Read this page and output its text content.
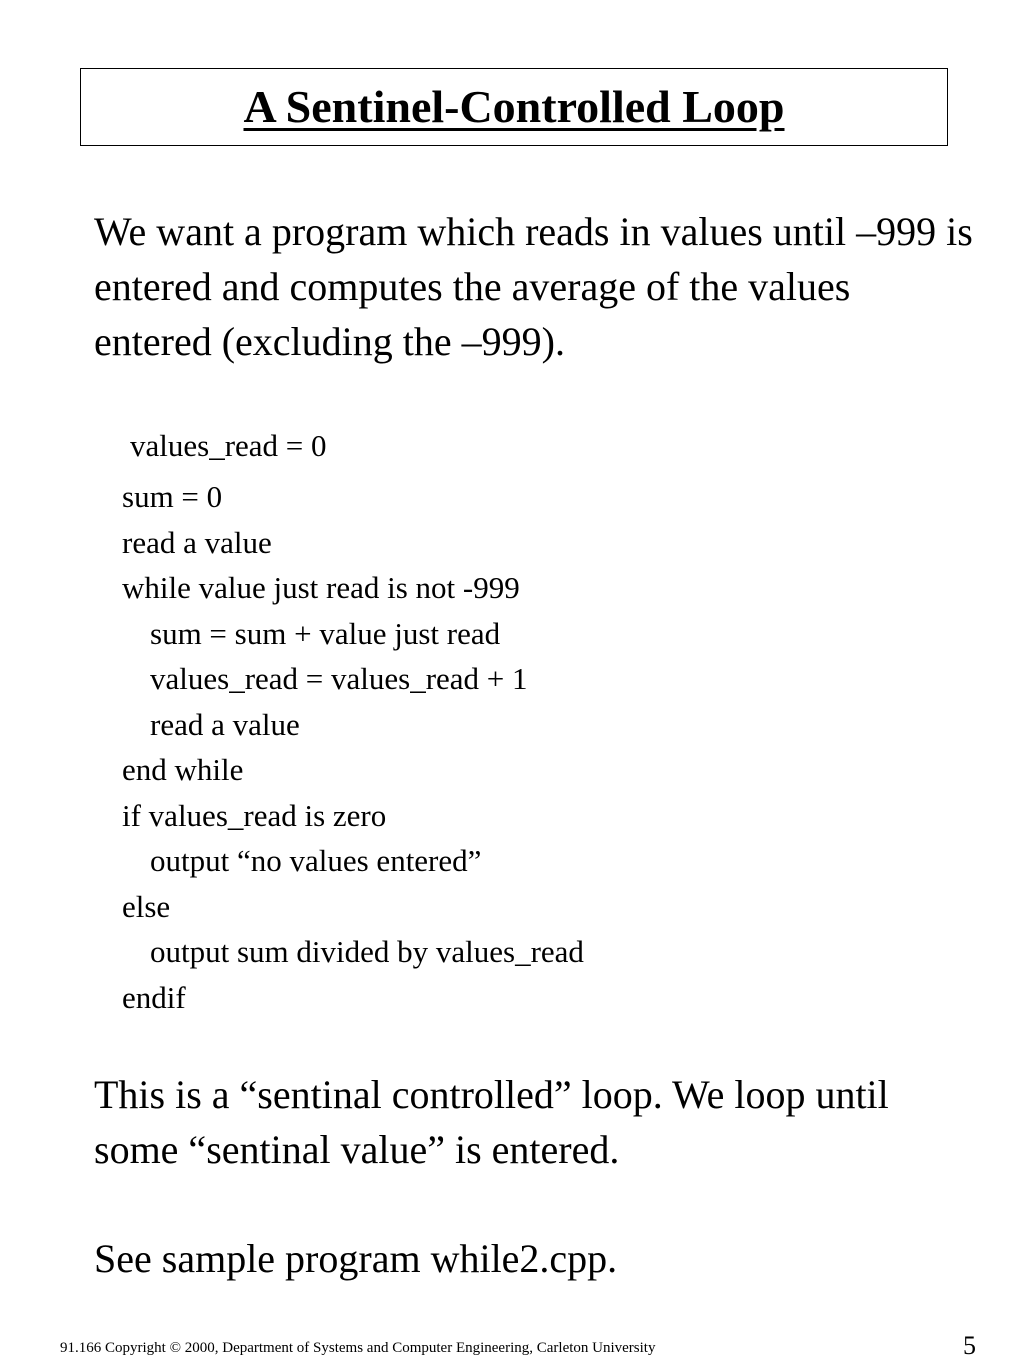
A Sentinel-Controlled Loop

We want a program which reads in values until –999 is entered and computes the average of the values entered (excluding the –999).

values_read = 0
sum = 0
read a value
while value just read is not -999
sum = sum + value just read
values_read = values_read + 1
read a value
end while
if values_read is zero
output “no values entered”
else
output sum divided by values_read
endif

This is a “sentinal controlled” loop. We loop until some “sentinal value” is entered.

See sample program while2.cpp.

91.166 Copyright © 2000, Department of Systems and Computer Engineering, Carleton University	5
